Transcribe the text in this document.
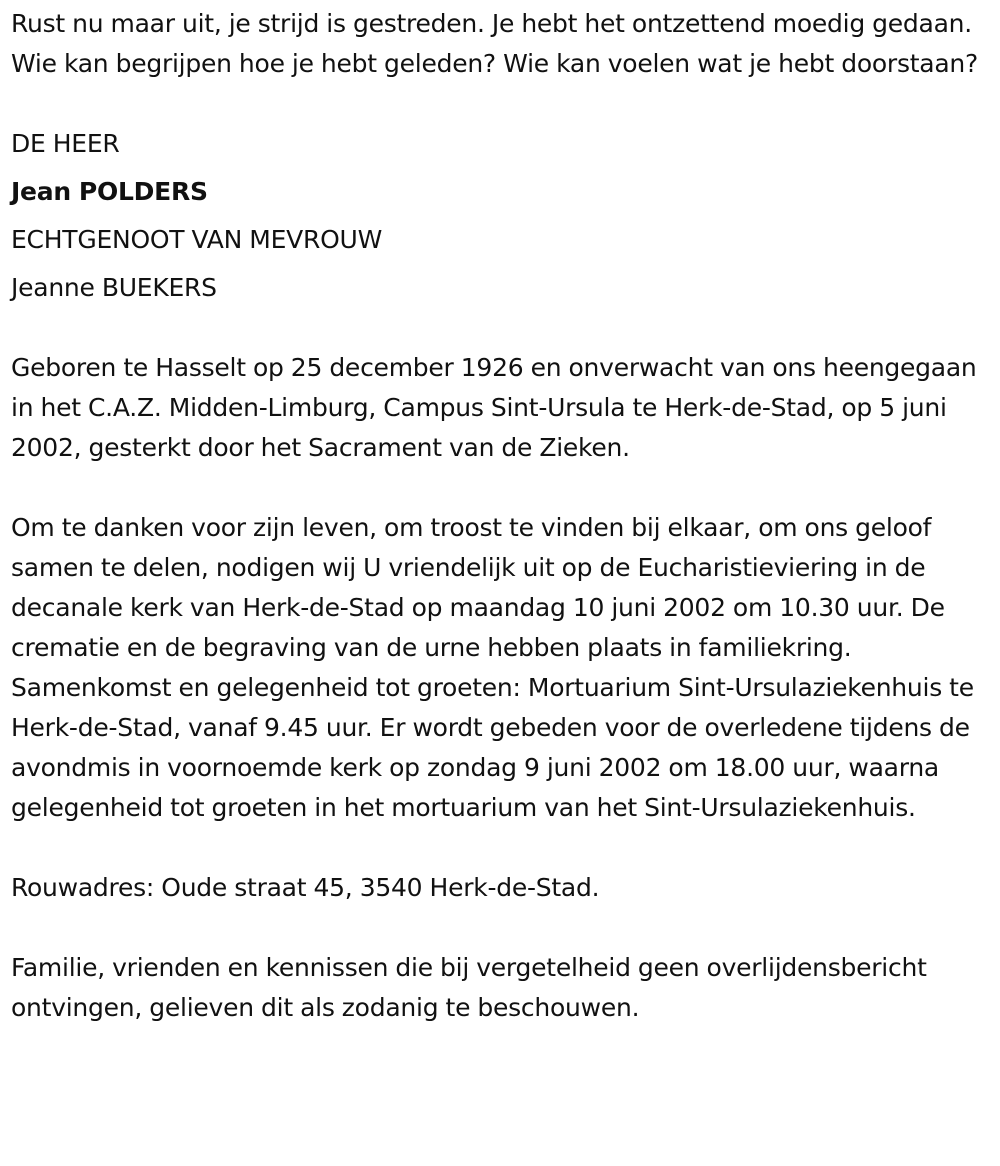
Rust nu maar uit, je strijd is gestreden. Je hebt het ontzettend moedig gedaan. Wie kan begrijpen hoe je hebt geleden? Wie kan voelen wat je hebt doorstaan?

DE HEER

Jean POLDERS

ECHTGENOOT VAN MEVROUW

Jeanne BUEKERS

Geboren te Hasselt op 25 december 1926 en onverwacht van ons heengegaan in het C.A.Z. Midden-Limburg, Campus Sint-Ursula te Herk-de-Stad, op 5 juni 2002, gesterkt door het Sacrament van de Zieken.

Om te danken voor zijn leven, om troost te vinden bij elkaar, om ons geloof samen te delen, nodigen wij U vriendelijk uit op de Eucharistieviering in de decanale kerk van Herk-de-Stad op maandag 10 juni 2002 om 10.30 uur. De crematie en de begraving van de urne hebben plaats in familiekring. Samenkomst en gelegenheid tot groeten: Mortuarium Sint-Ursulaziekenhuis te Herk-de-Stad, vanaf 9.45 uur. Er wordt gebeden voor de overledene tijdens de avondmis in voornoemde kerk op zondag 9 juni 2002 om 18.00 uur, waarna gelegenheid tot groeten in het mortuarium van het Sint-Ursulaziekenhuis.

Rouwadres: Oude straat 45, 3540 Herk-de-Stad.

Familie, vrienden en kennissen die bij vergetelheid geen overlijdensbericht ontvingen, gelieven dit als zodanig te beschouwen.
